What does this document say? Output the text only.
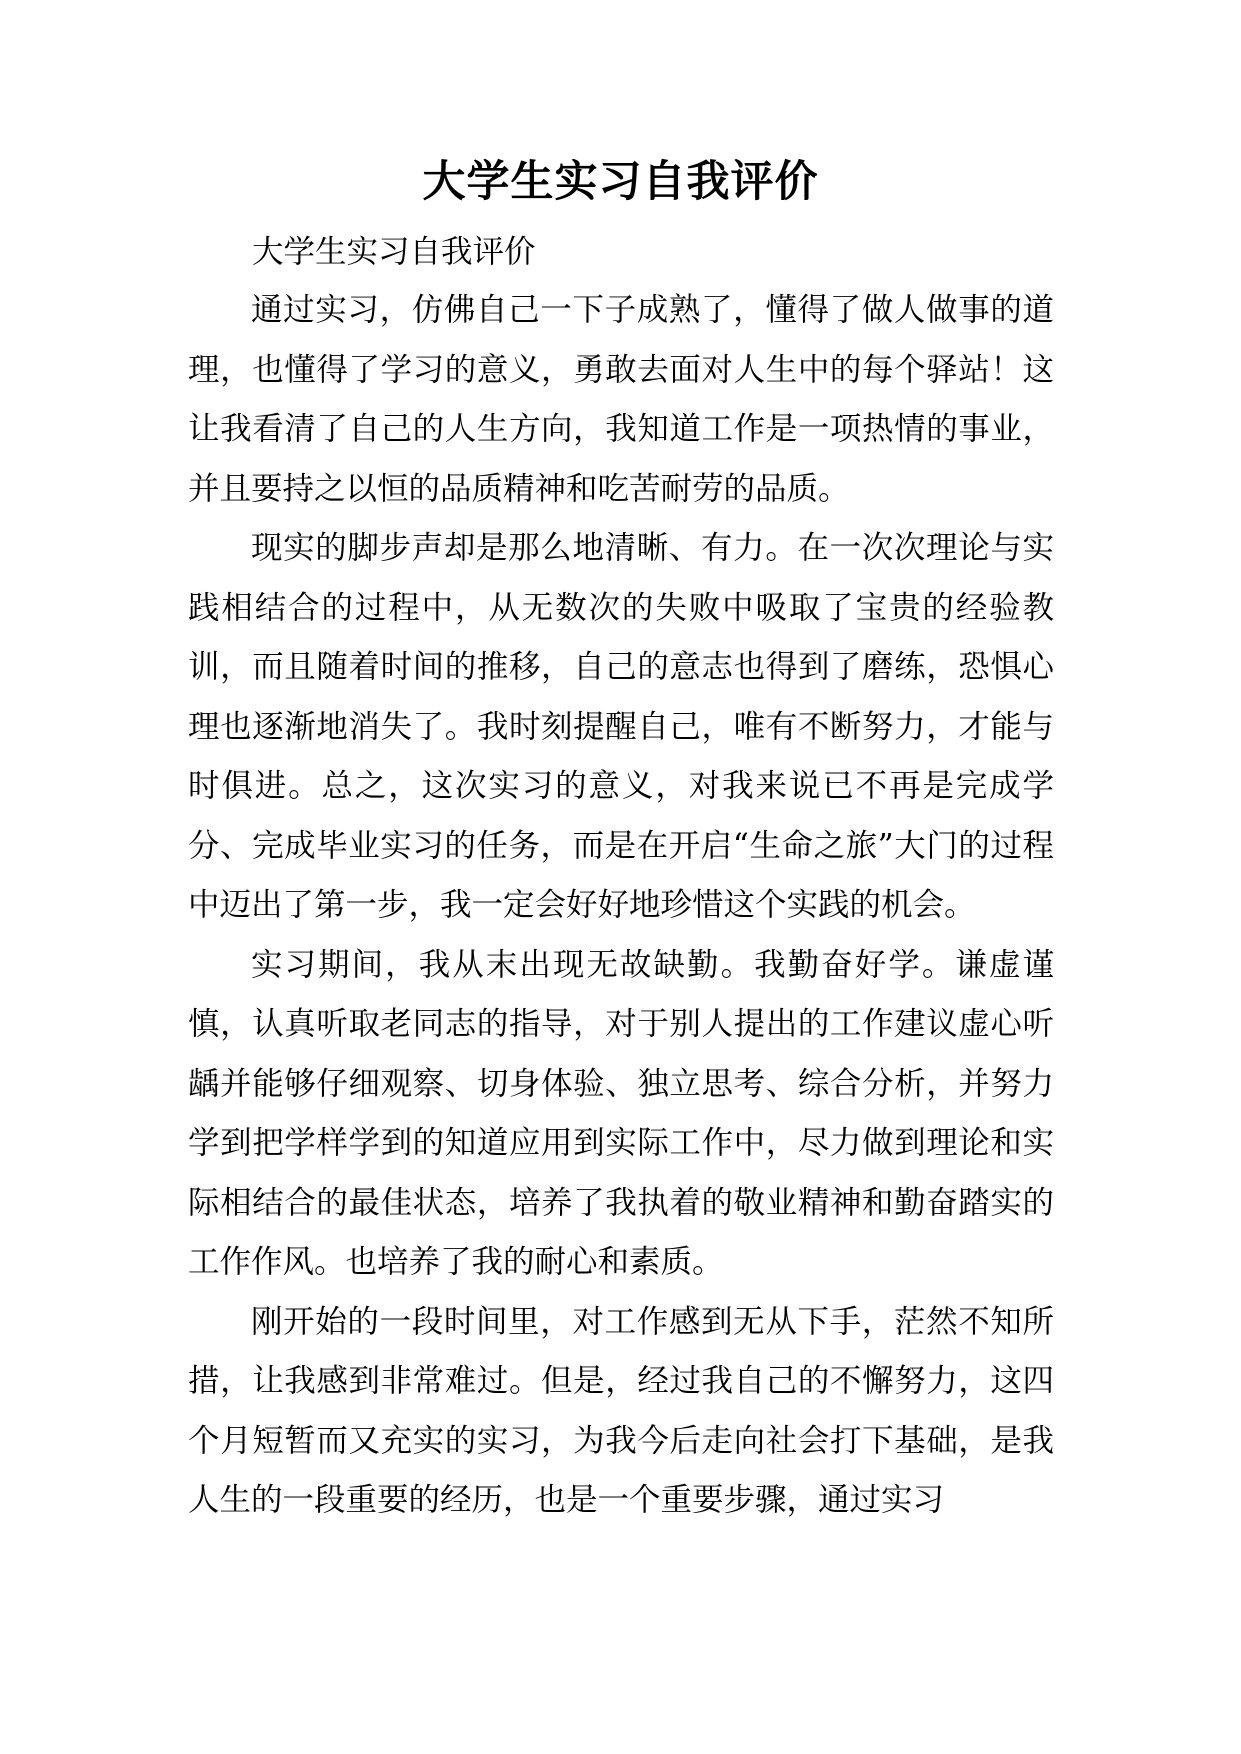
大学生实习自我评价

大学生实习自我评价

通过实习，仿佛自己一下子成熟了，懂得了做人做事的道理，也懂得了学习的意义，勇敢去面对人生中的每个驿站！这让我看清了自己的人生方向，我知道工作是一项热情的事业，并且要持之以恒的品质精神和吃苦耐劳的品质。

现实的脚步声却是那么地清晰、有力。在一次次理论与实践相结合的过程中，从无数次的失败中吸取了宝贵的经验教训，而且随着时间的推移，自己的意志也得到了磨练，恐惧心理也逐渐地消失了。我时刻提醒自己，唯有不断努力，才能与时俱进。总之，这次实习的意义，对我来说已不再是完成学分、完成毕业实习的任务，而是在开启“生命之旅”大门的过程中迈出了第一步，我一定会好好地珍惜这个实践的机会。

实习期间，我从末出现无故缺勤。我勤奋好学。谦虚谨慎，认真听取老同志的指导，对于别人提出的工作建议虚心听龋并能够仔细观察、切身体验、独立思考、综合分析，并努力学到把学样学到的知道应用到实际工作中，尽力做到理论和实际相结合的最佳状态，培养了我执着的敬业精神和勤奋踏实的工作作风。也培养了我的耐心和素质。

刚开始的一段时间里，对工作感到无从下手，茫然不知所措，让我感到非常难过。但是，经过我自己的不懈努力，这四个月短暂而又充实的实习，为我今后走向社会打下基础，是我人生的一段重要的经历，也是一个重要步骤，通过实习
